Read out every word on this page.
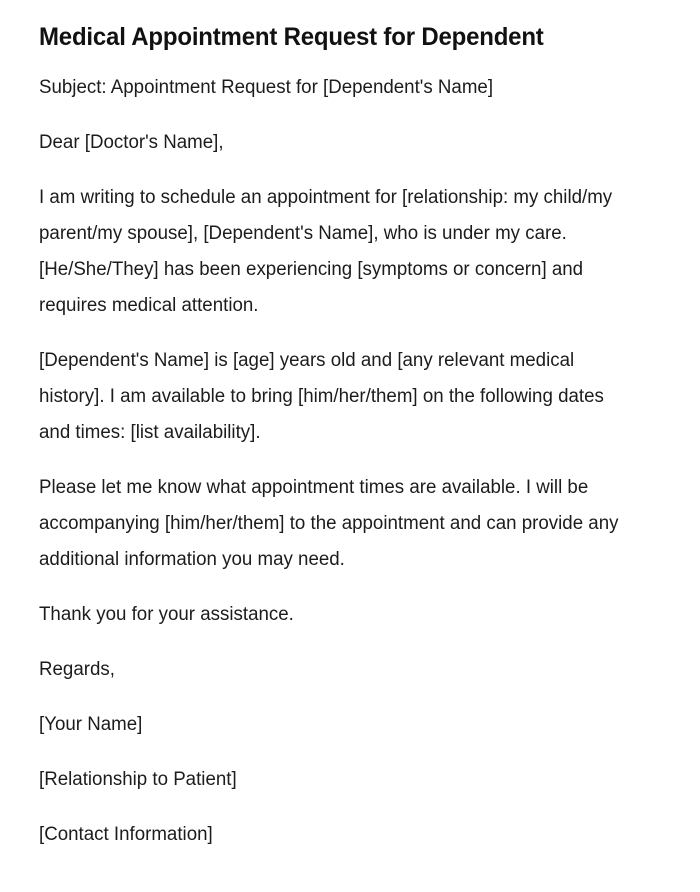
Medical Appointment Request for Dependent

Subject: Appointment Request for [Dependent's Name]

Dear [Doctor's Name],

I am writing to schedule an appointment for [relationship: my child/my parent/my spouse], [Dependent's Name], who is under my care. [He/She/They] has been experiencing [symptoms or concern] and requires medical attention.

[Dependent's Name] is [age] years old and [any relevant medical history]. I am available to bring [him/her/them] on the following dates and times: [list availability].

Please let me know what appointment times are available. I will be accompanying [him/her/them] to the appointment and can provide any additional information you may need.

Thank you for your assistance.

Regards,

[Your Name]

[Relationship to Patient]

[Contact Information]
